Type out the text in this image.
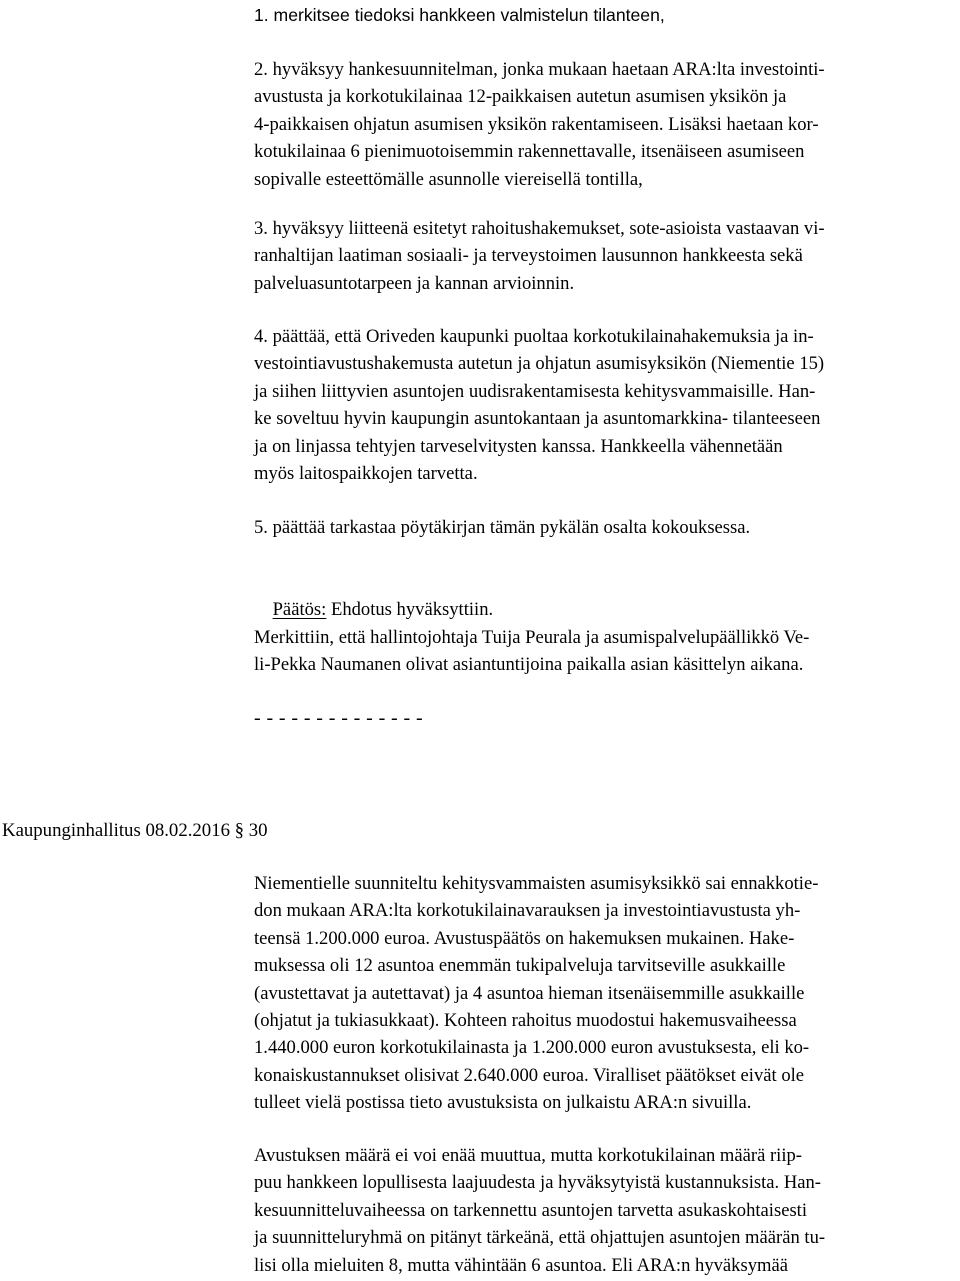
1. merkitsee tiedoksi hankkeen valmistelun tilanteen,
2. hyväksyy hankesuunnitelman, jonka mukaan haetaan ARA:lta investointi-
avustusta ja korkotukilainaa 12-paikkaisen autetun asumisen yksikön ja
4-paikkaisen ohjatun asumisen yksikön rakentamiseen. Lisäksi haetaan kor-
kotukilainaa 6 pienimuotoisemmin rakennettavalle, itsenäiseen asumiseen
sopivalle esteettömälle asunnolle viereisellä tontilla,
3. hyväksyy liitteenä esitetyt rahoitushakemukset, sote-asioista vastaavan vi-
ranhaltijan laatiman sosiaali- ja terveystoimen lausunnon hankkeesta sekä
palveluasuntotarpeen ja kannan arvioinnin.
4. päättää, että Oriveden kaupunki puoltaa korkotukilainahakemuksia ja in-
vestointiavustushakemusta autetun ja ohjatun asumisyksikön (Niementie 15)
ja siihen liittyvien asuntojen uudisrakentamisesta kehitysvammaisille. Han-
ke soveltuu hyvin kaupungin asuntokantaan ja asuntomarkkina- tilanteeseen
ja on linjassa tehtyjen tarveselvitysten kanssa. Hankkeella vähennetään
myös laitospaikkojen tarvetta.
5. päättää tarkastaa pöytäkirjan tämän pykälän osalta kokouksessa.

Päätös: Ehdotus hyväksyttiin.

Merkittiin, että hallintojohtaja Tuija Peurala ja asumispalvelupäällikkö Ve-
li-Pekka Naumanen olivat asiantuntijoina paikalla asian käsittelyn aikana.
- - - - - - - - - - - - - -
Kaupunginhallitus 08.02.2016 § 30
Niementielle suunniteltu kehitysvammaisten asumisyksikkö sai ennakkotie-
don mukaan ARA:lta korkotukilainavarauksen ja investointiavustusta yh-
teensä 1.200.000 euroa. Avustuspäätös on hakemuksen mukainen. Hake-
muksessa oli 12 asuntoa enemmän tukipalveluja tarvitseville asukkaille
(avustettavat ja autettavat) ja 4 asuntoa hieman itsenäisemmille asukkaille
(ohjatut ja tukiasukkaat). Kohteen rahoitus muodostui hakemusvaiheessa
1.440.000 euron korkotukilainasta ja 1.200.000 euron avustuksesta, eli ko-
konaiskustannukset olisivat 2.640.000 euroa. Viralliset päätökset eivät ole
tulleet vielä postissa tieto avustuksista on julkaistu ARA:n sivuilla.
Avustuksen määrä ei voi enää muuttua, mutta korkotukilainan määrä riip-
puu hankkeen lopullisesta laajuudesta ja hyväksytyistä kustannuksista. Han-
kesuunnitteluvaiheessa on tarkennettu asuntojen tarvetta asukaskohtaisesti
ja suunnitteluryhmä on pitänyt tärkeänä, että ohjattujen asuntojen määrän tu-
lisi olla mieluiten 8, mutta vähintään 6 asuntoa. Eli ARA:n hyväksymää
